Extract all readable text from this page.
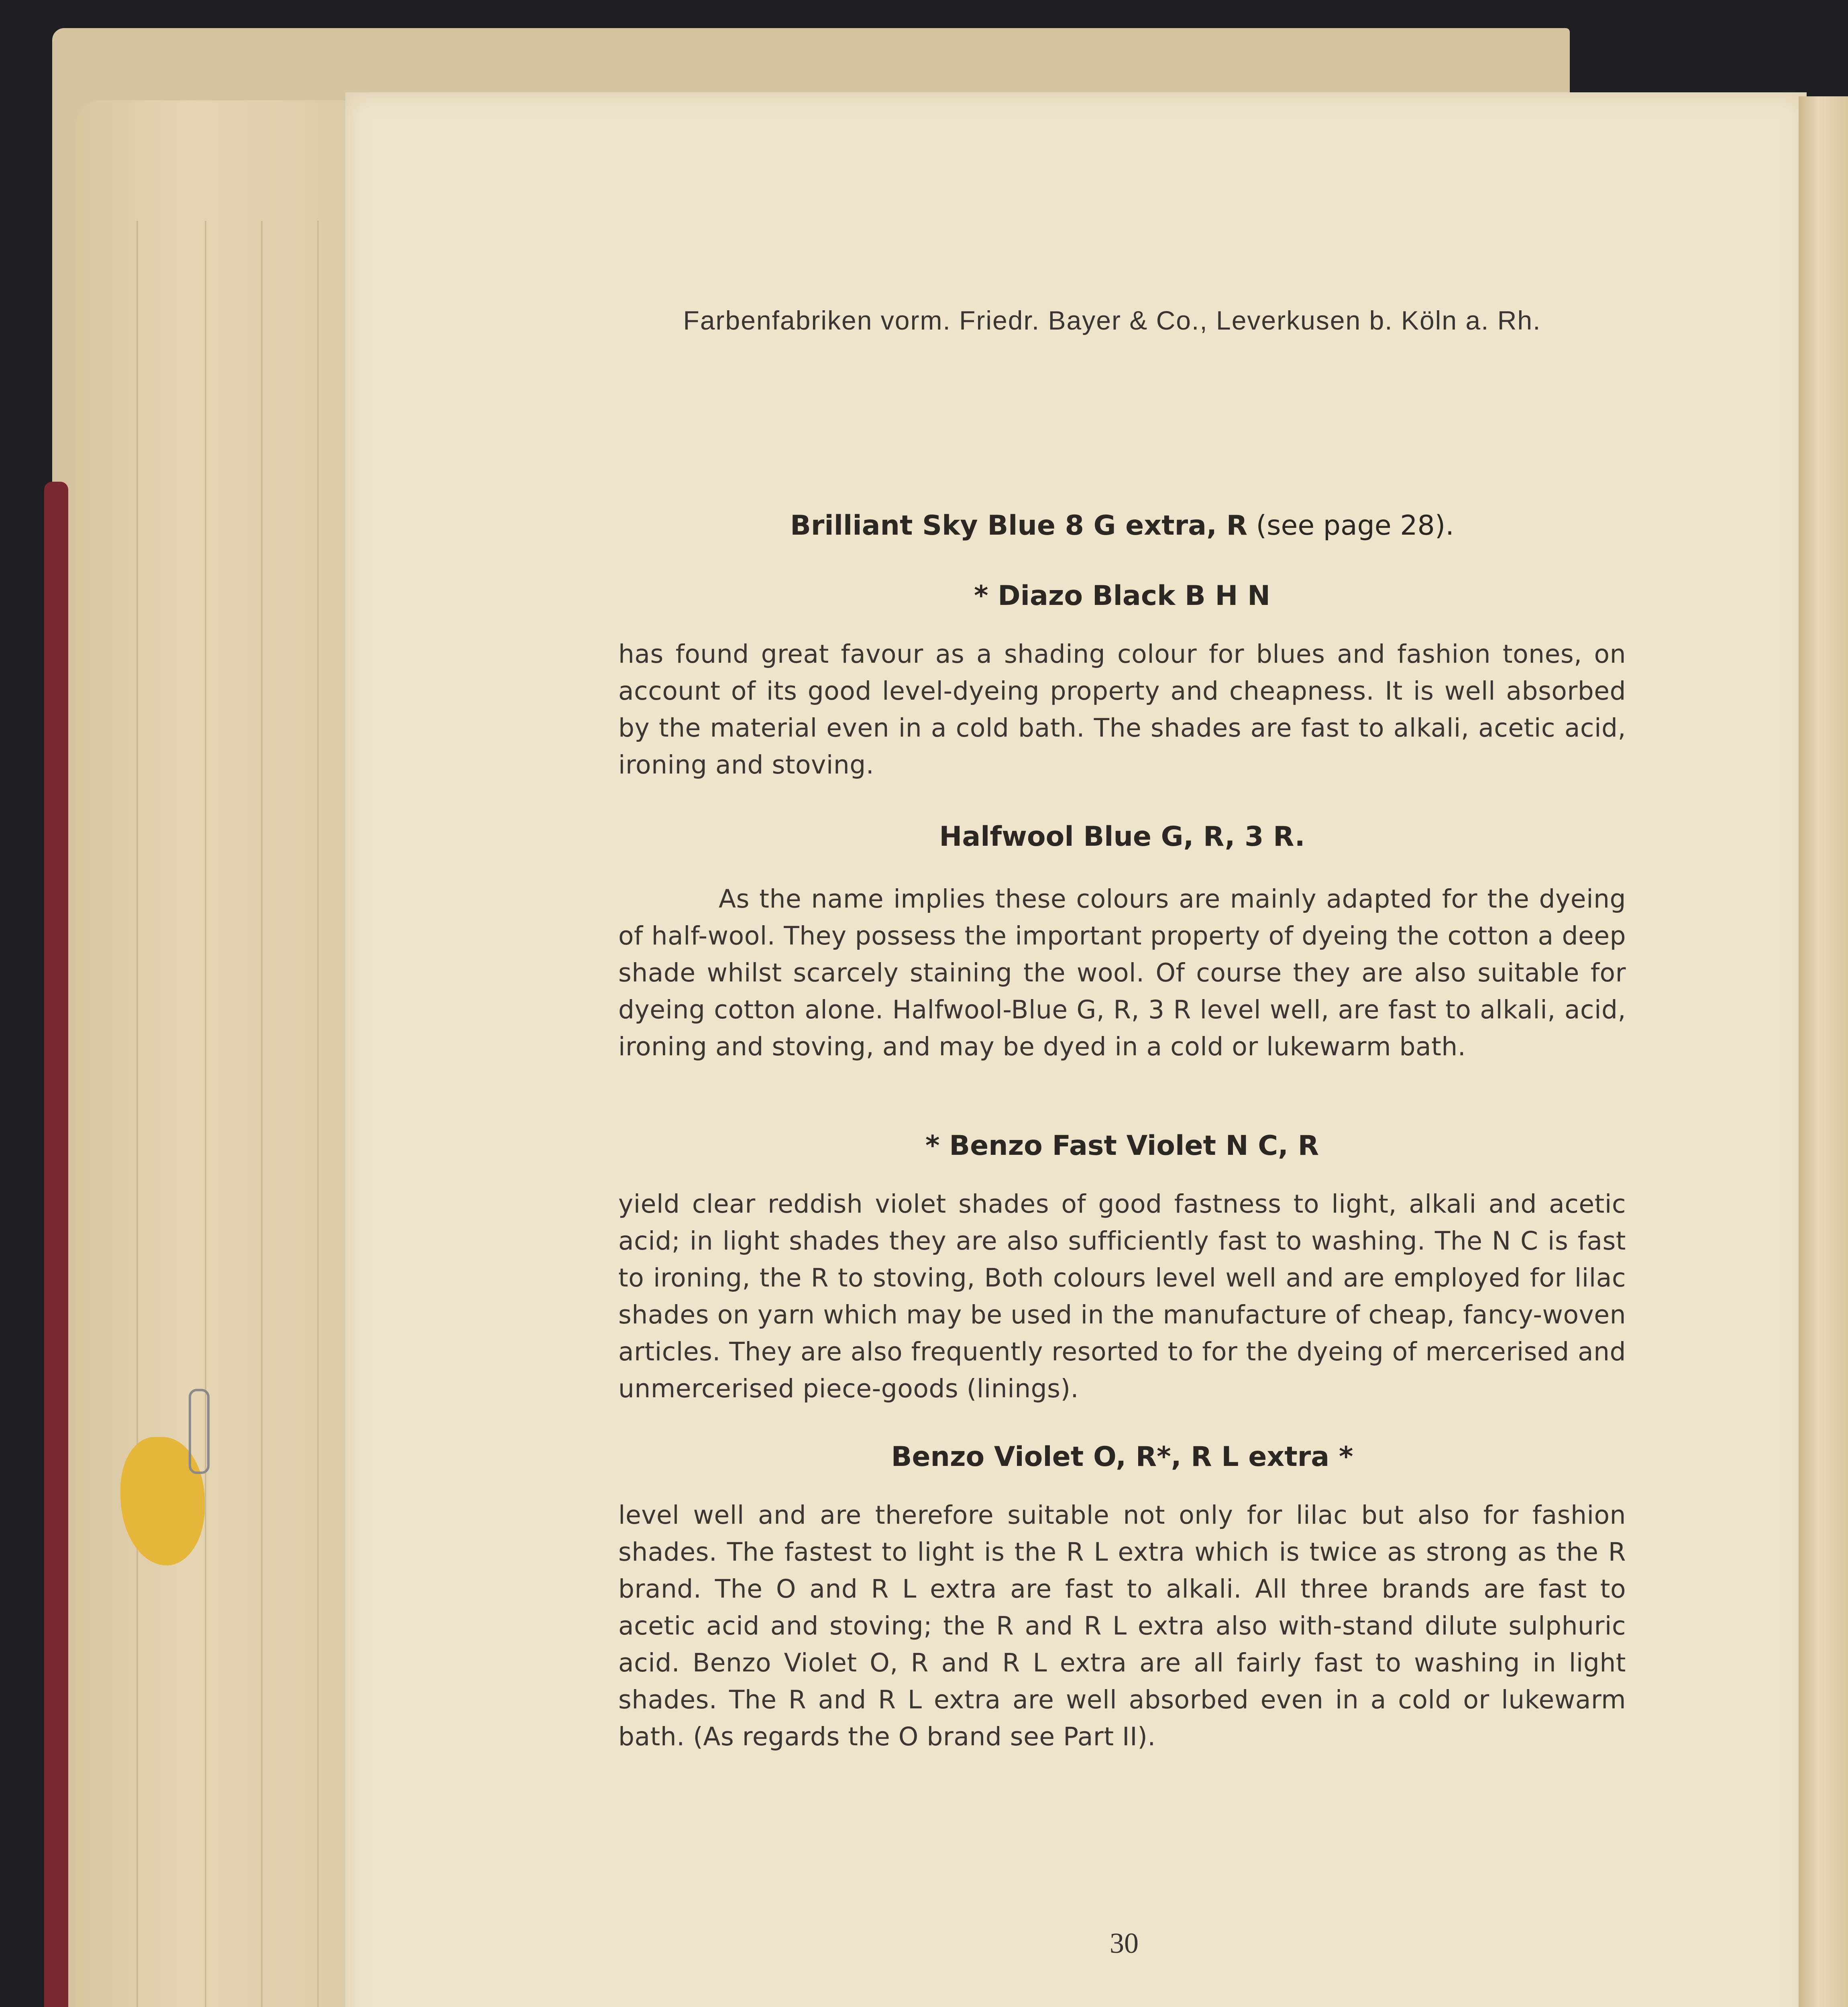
Farbenfabriken vorm. Friedr. Bayer & Co., Leverkusen b. Köln a. Rh.

Brilliant Sky Blue 8 G extra, R (see page 28).

* Diazo Black B H N

has found great favour as a shading colour for blues and fashion tones, on account of its good level-dyeing property and cheapness. It is well absorbed by the material even in a cold bath. The shades are fast to alkali, acetic acid, ironing and stoving.

Halfwool Blue G, R, 3 R.

As the name implies these colours are mainly adapted for the dyeing of half-wool. They possess the important property of dyeing the cotton a deep shade whilst scarcely staining the wool. Of course they are also suitable for dyeing cotton alone. Halfwool-Blue G, R, 3 R level well, are fast to alkali, acid, ironing and stoving, and may be dyed in a cold or lukewarm bath.

* Benzo Fast Violet N C, R

yield clear reddish violet shades of good fastness to light, alkali and acetic acid; in light shades they are also sufficiently fast to washing. The N C is fast to ironing, the R to stoving, Both colours level well and are employed for lilac shades on yarn which may be used in the manufacture of cheap, fancy-woven articles. They are also frequently resorted to for the dyeing of mercerised and unmercerised piece-goods (linings).

Benzo Violet O, R*, R L extra *

level well and are therefore suitable not only for lilac but also for fashion shades. The fastest to light is the R L extra which is twice as strong as the R brand. The O and R L extra are fast to alkali. All three brands are fast to acetic acid and stoving; the R and R L extra also with-stand dilute sulphuric acid. Benzo Violet O, R and R L extra are all fairly fast to washing in light shades. The R and R L extra are well absorbed even in a cold or lukewarm bath. (As regards the O brand see Part II).

30
